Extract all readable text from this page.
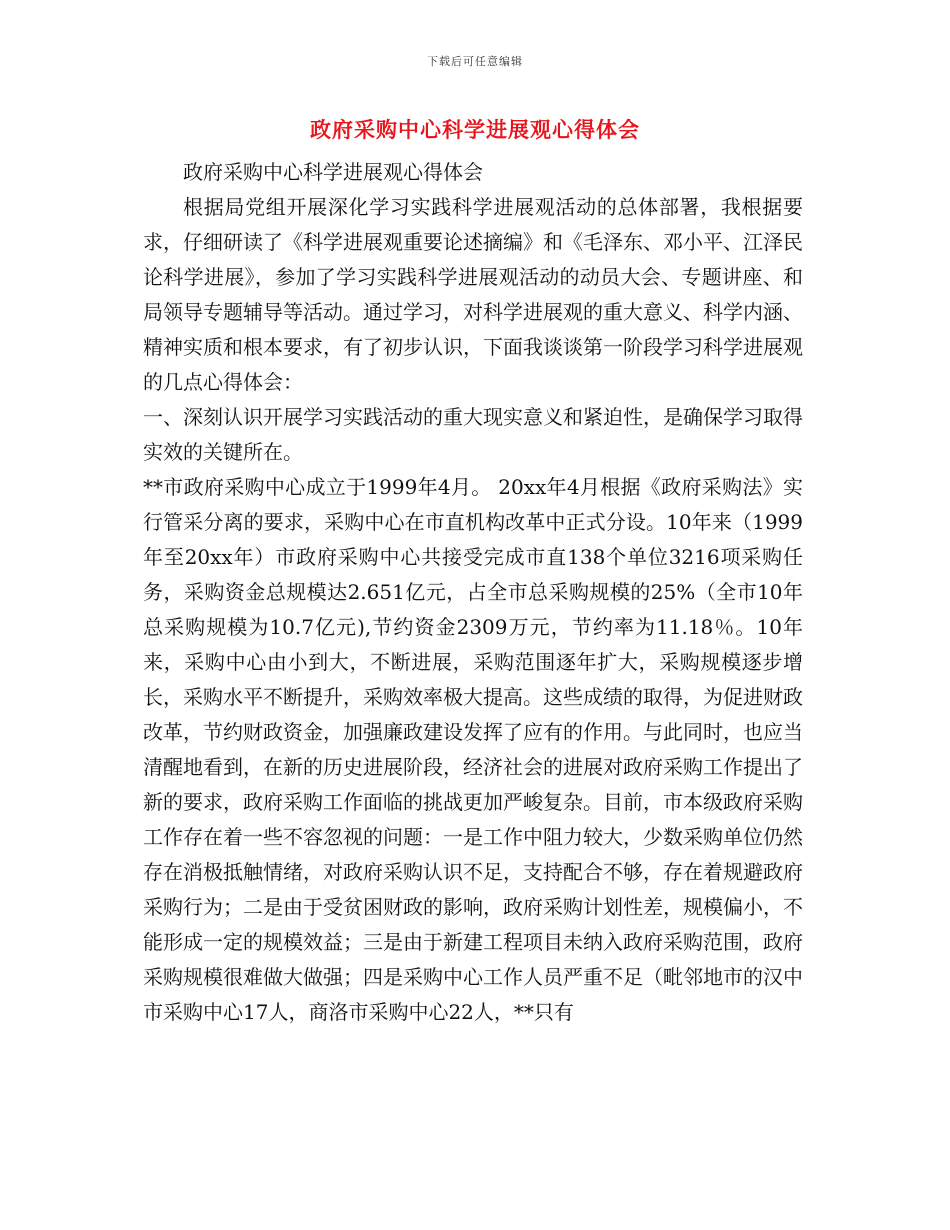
下载后可任意编辑
政府采购中心科学进展观心得体会

政府采购中心科学进展观心得体会

根据局党组开展深化学习实践科学进展观活动的总体部署，我根据要求，仔细研读了《科学进展观重要论述摘编》和《毛泽东、邓小平、江泽民论科学进展》，参加了学习实践科学进展观活动的动员大会、专题讲座、和局领导专题辅导等活动。通过学习，对科学进展观的重大意义、科学内涵、精神实质和根本要求，有了初步认识，下面我谈谈第一阶段学习科学进展观的几点心得体会：

一、深刻认识开展学习实践活动的重大现实意义和紧迫性，是确保学习取得实效的关键所在。

**市政府采购中心成立于1999年4月。 20xx年4月根据《政府采购法》实行管采分离的要求，采购中心在市直机构改革中正式分设。10年来（1999年至20xx年）市政府采购中心共接受完成市直138个单位3216项采购任务，采购资金总规模达2.651亿元，占全市总采购规模的25%（全市10年总采购规模为10.7亿元),节约资金2309万元，节约率为11.18％。10年来，采购中心由小到大，不断进展，采购范围逐年扩大，采购规模逐步增长，采购水平不断提升，采购效率极大提高。这些成绩的取得，为促进财政改革，节约财政资金，加强廉政建设发挥了应有的作用。与此同时，也应当清醒地看到，在新的历史进展阶段，经济社会的进展对政府采购工作提出了新的要求，政府采购工作面临的挑战更加严峻复杂。目前，市本级政府采购工作存在着一些不容忽视的问题：一是工作中阻力较大，少数采购单位仍然存在消极抵触情绪，对政府采购认识不足，支持配合不够，存在着规避政府采购行为；二是由于受贫困财政的影响，政府采购计划性差，规模偏小，不能形成一定的规模效益；三是由于新建工程项目未纳入政府采购范围，政府采购规模很难做大做强；四是采购中心工作人员严重不足（毗邻地市的汉中市采购中心17人，商洛市采购中心22人，**只有
